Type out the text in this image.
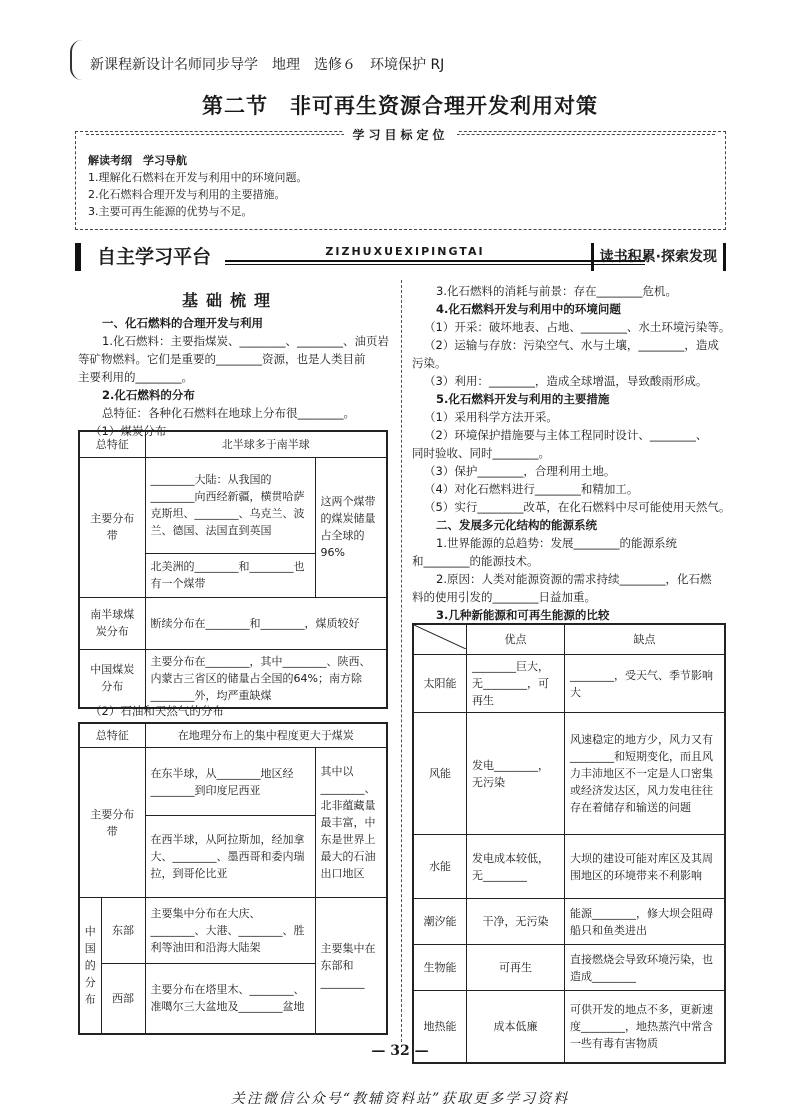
新课程新设计名师同步导学　地理　选修６　环境保护 RJ
第二节　非可再生资源合理开发利用对策
学习目标定位
解读考纲　学习导航
1.理解化石燃料在开发与利用中的环境问题。
2.化石燃料合理开发与利用的主要措施。
3.主要可再生能源的优势与不足。
自主学习平台	ZIZHUXUEXIPINGTAI	读书积累·探索发现
基础梳理

一、化石燃料的合理开发与利用

1.化石燃料：主要指煤炭、________、________、油页岩

等矿物燃料。它们是重要的________资源，也是人类目前

主要利用的________。

2.化石燃料的分布

总特征：各种化石燃料在地球上分布很________。

（1）煤炭分布

总特征	北半球多于南半球	
主要分布带	________大陆：从我国的________向西经新疆，横贯哈萨克斯坦、________、乌克兰、波兰、德国、法国直到英国	这两个煤带的煤炭储量占全球的96%
	北美洲的________和________也有一个煤带	
南半球煤炭分布	断续分布在________和________，煤质较好	
中国煤炭分布	主要分布在________，其中________、陕西、内蒙古三省区的储量占全国的64%；南方除________外，均严重缺煤	
（2）石油和天然气的分布
总特征		在地理分布上的集中程度更大于煤炭	
主要分布带		在东半球，从________地区经________到印度尼西亚	其中以________、北非蕴藏量最丰富，中东是世界上最大的石油出口地区
		在西半球，从阿拉斯加，经加拿大、________、墨西哥和委内瑞拉，到哥伦比亚	
中国的分布	东部	主要集中分布在大庆、________、大港、________、胜利等油田和沿海大陆架	主要集中在东部和________
	西部	主要分布在塔里木、________、准噶尔三大盆地及________盆地	

3.化石燃料的消耗与前景：存在________危机。

4.化石燃料开发与利用中的环境问题

（1）开采：破坏地表、占地、________、水土环境污染等。

（2）运输与存放：污染空气、水与土壤，________，造成

污染。

（3）利用：________，造成全球增温，导致酸雨形成。

5.化石燃料开发与利用的主要措施

（1）采用科学方法开采。

（2）环境保护措施要与主体工程同时设计、________、

同时验收、同时________。

（3）保护________，合理利用土地。

（4）对化石燃料进行________和精加工。

（5）实行________改革，在化石燃料中尽可能使用天然气。

二、发展多元化结构的能源系统

1.世界能源的总趋势：发展________的能源系统

和________的能源技术。

2.原因：人类对能源资源的需求持续________，化石燃

料的使用引发的________日益加重。

3.几种新能源和可再生能源的比较

	优点	缺点
太阳能	________巨大，无________，可再生	________，受天气、季节影响大
风能	发电________，无污染	风速稳定的地方少，风力又有________和短期变化，而且风力丰沛地区不一定是人口密集或经济发达区，风力发电往往存在着储存和输送的问题
水能	发电成本较低，无________	大坝的建设可能对库区及其周围地区的环境带来不利影响
潮汐能	干净，无污染	能源________，修大坝会阻碍船只和鱼类进出
生物能	可再生	直接燃烧会导致环境污染，也造成________
地热能	成本低廉	可供开发的地点不多，更新速度________，地热蒸汽中常含一些有毒有害物质
— 32 —
关注微信公众号“教辅资料站”获取更多学习资料
